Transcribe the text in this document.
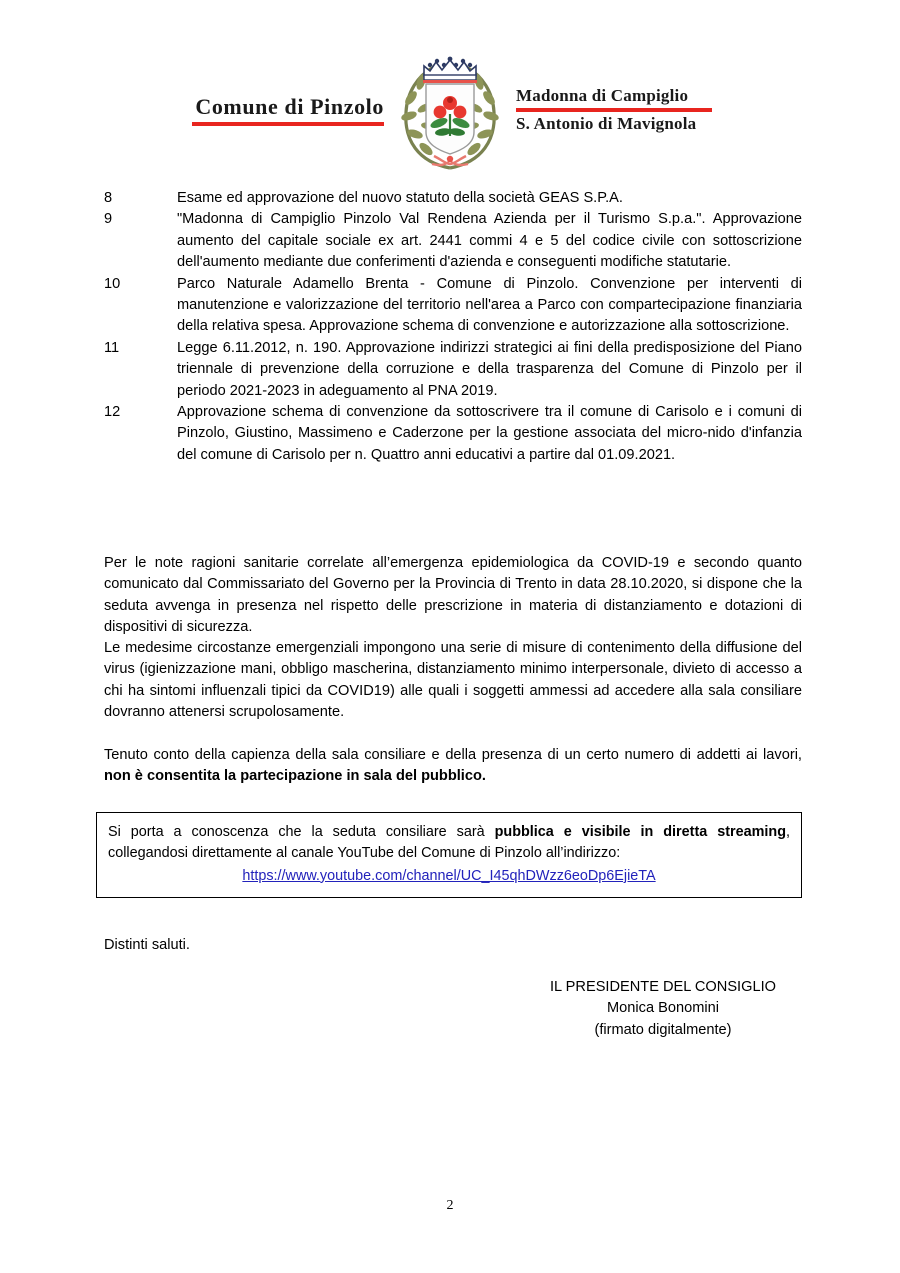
Comune di Pinzolo	Madonna di Campiglio
S. Antonio di Mavignola
8	Esame ed approvazione del nuovo statuto della società GEAS S.P.A.
9	"Madonna di Campiglio Pinzolo Val Rendena Azienda per il Turismo S.p.a.". Approvazione aumento del capitale sociale ex art. 2441 commi 4 e 5 del codice civile con sottoscrizione dell'aumento mediante due conferimenti d'azienda e conseguenti modifiche statutarie.
10	Parco Naturale Adamello Brenta - Comune di Pinzolo. Convenzione per interventi di manutenzione e valorizzazione del territorio nell'area a Parco con compartecipazione finanziaria della relativa spesa. Approvazione schema di convenzione e autorizzazione alla sottoscrizione.
11	Legge 6.11.2012, n. 190. Approvazione indirizzi strategici ai fini della predisposizione del Piano triennale di prevenzione della corruzione e della trasparenza del Comune di Pinzolo per il periodo 2021-2023 in adeguamento al PNA 2019.
12	Approvazione schema di convenzione da sottoscrivere tra il comune di Carisolo e i comuni di Pinzolo, Giustino, Massimeno e Caderzone per la gestione associata del micro-nido d'infanzia del comune di Carisolo per n. Quattro anni educativi a partire dal 01.09.2021.

Per le note ragioni sanitarie correlate all’emergenza epidemiologica da COVID-19 e secondo quanto comunicato dal Commissariato del Governo per la Provincia di Trento in data 28.10.2020, si dispone che la seduta avvenga in presenza nel rispetto delle prescrizione in materia di distanziamento e dotazioni di dispositivi di sicurezza.

Le medesime circostanze emergenziali impongono una serie di misure di contenimento della diffusione del virus (igienizzazione mani, obbligo mascherina, distanziamento minimo interpersonale, divieto di accesso a chi ha sintomi influenzali tipici da COVID19) alle quali i soggetti ammessi ad accedere alla sala consiliare dovranno attenersi scrupolosamente.

Tenuto conto della capienza della sala consiliare e della presenza di un certo numero di addetti ai lavori, non è consentita la partecipazione in sala del pubblico.

Si porta a conoscenza che la seduta consiliare sarà pubblica e visibile in diretta streaming, collegandosi direttamente al canale YouTube del Comune di Pinzolo all’indirizzo:
https://www.youtube.com/channel/UC_I45qhDWzz6eoDp6EjieTA
Distinti saluti.
IL PRESIDENTE DEL CONSIGLIO
Monica Bonomini
(firmato digitalmente)
2
